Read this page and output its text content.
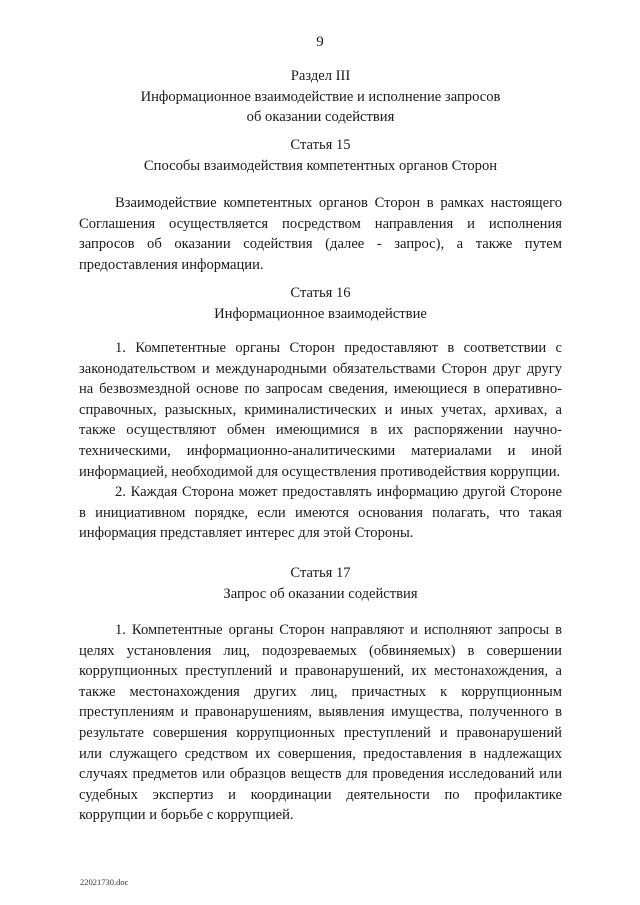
9
Раздел III
Информационное взаимодействие и исполнение запросов
об оказании содействия
Статья 15
Способы взаимодействия компетентных органов Сторон

Взаимодействие компетентных органов Сторон в рамках настоящего Соглашения осуществляется посредством направления и исполнения запросов об оказании содействия (далее - запрос), а также путем предоставления информации.

Статья 16
Информационное взаимодействие

1. Компетентные органы Сторон предоставляют в соответствии с законодательством и международными обязательствами Сторон друг другу на безвозмездной основе по запросам сведения, имеющиеся в оперативно-справочных, разыскных, криминалистических и иных учетах, архивах, а также осуществляют обмен имеющимися в их распоряжении научно-техническими, информационно-аналитическими материалами и иной информацией, необходимой для осуществления противодействия коррупции.

2. Каждая Сторона может предоставлять информацию другой Стороне в инициативном порядке, если имеются основания полагать, что такая информация представляет интерес для этой Стороны.

Статья 17
Запрос об оказании содействия

1. Компетентные органы Сторон направляют и исполняют запросы в целях установления лиц, подозреваемых (обвиняемых) в совершении коррупционных преступлений и правонарушений, их местонахождения, а также местонахождения других лиц, причастных к коррупционным преступлениям и правонарушениям, выявления имущества, полученного в результате совершения коррупционных преступлений и правонарушений или служащего средством их совершения, предоставления в надлежащих случаях предметов или образцов веществ для проведения исследований или судебных экспертиз и координации деятельности по профилактике коррупции и борьбе с коррупцией.

22021730.doc
